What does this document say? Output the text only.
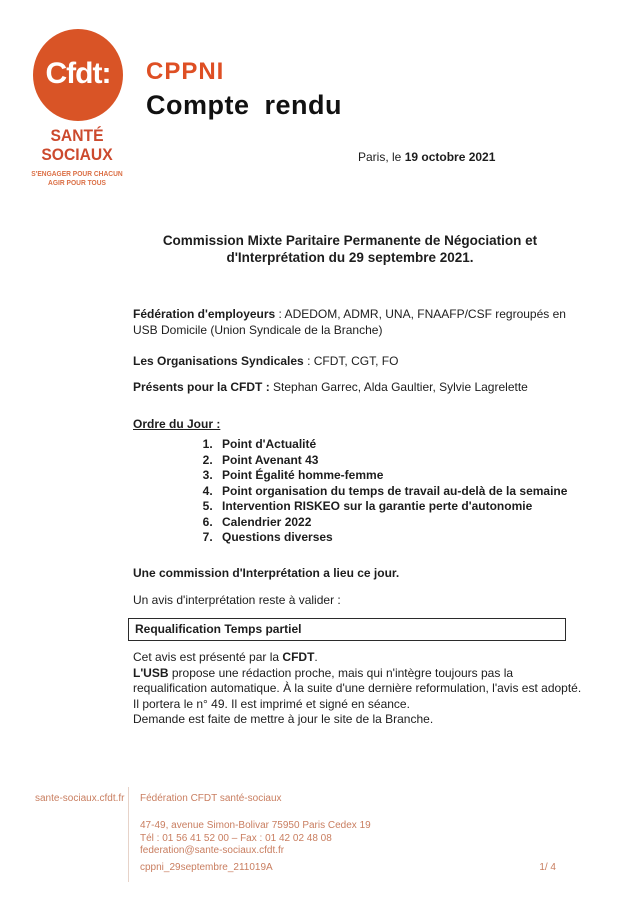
Cfdt:
SANTÉ
SOCIAUX
S'ENGAGER POUR CHACUN
AGIR POUR TOUS
CPPNI
Compte rendu
Paris, le 19 octobre 2021
Commission Mixte Paritaire Permanente de Négociation et d'Interprétation du 29 septembre 2021.
Fédération d'employeurs : ADEDOM, ADMR, UNA, FNAAFP/CSF regroupés en USB Domicile (Union Syndicale de la Branche)
Les Organisations Syndicales : CFDT, CGT, FO
Présents pour la CFDT : Stephan Garrec, Alda Gaultier, Sylvie Lagrelette
Ordre du Jour :
1. Point d'Actualité
2. Point Avenant 43
3. Point Égalité homme-femme
4. Point organisation du temps de travail au-delà de la semaine
5. Intervention RISKEO sur la garantie perte d'autonomie
6. Calendrier 2022
7. Questions diverses
Une commission d'Interprétation a lieu ce jour.
Un avis d'interprétation reste à valider :
Requalification Temps partiel
Cet avis est présenté par la CFDT.
L'USB propose une rédaction proche, mais qui n'intègre toujours pas la requalification automatique. À la suite d'une dernière reformulation, l'avis est adopté. Il portera le n° 49. Il est imprimé et signé en séance.
Demande est faite de mettre à jour le site de la Branche.
sante-sociaux.cfdt.fr Fédération CFDT santé-sociaux
47-49, avenue Simon-Bolivar 75950 Paris Cedex 19
Tél : 01 56 41 52 00 – Fax : 01 42 02 48 08
federation@sante-sociaux.cfdt.fr
cppni_29septembre_211019A	1/ 4
